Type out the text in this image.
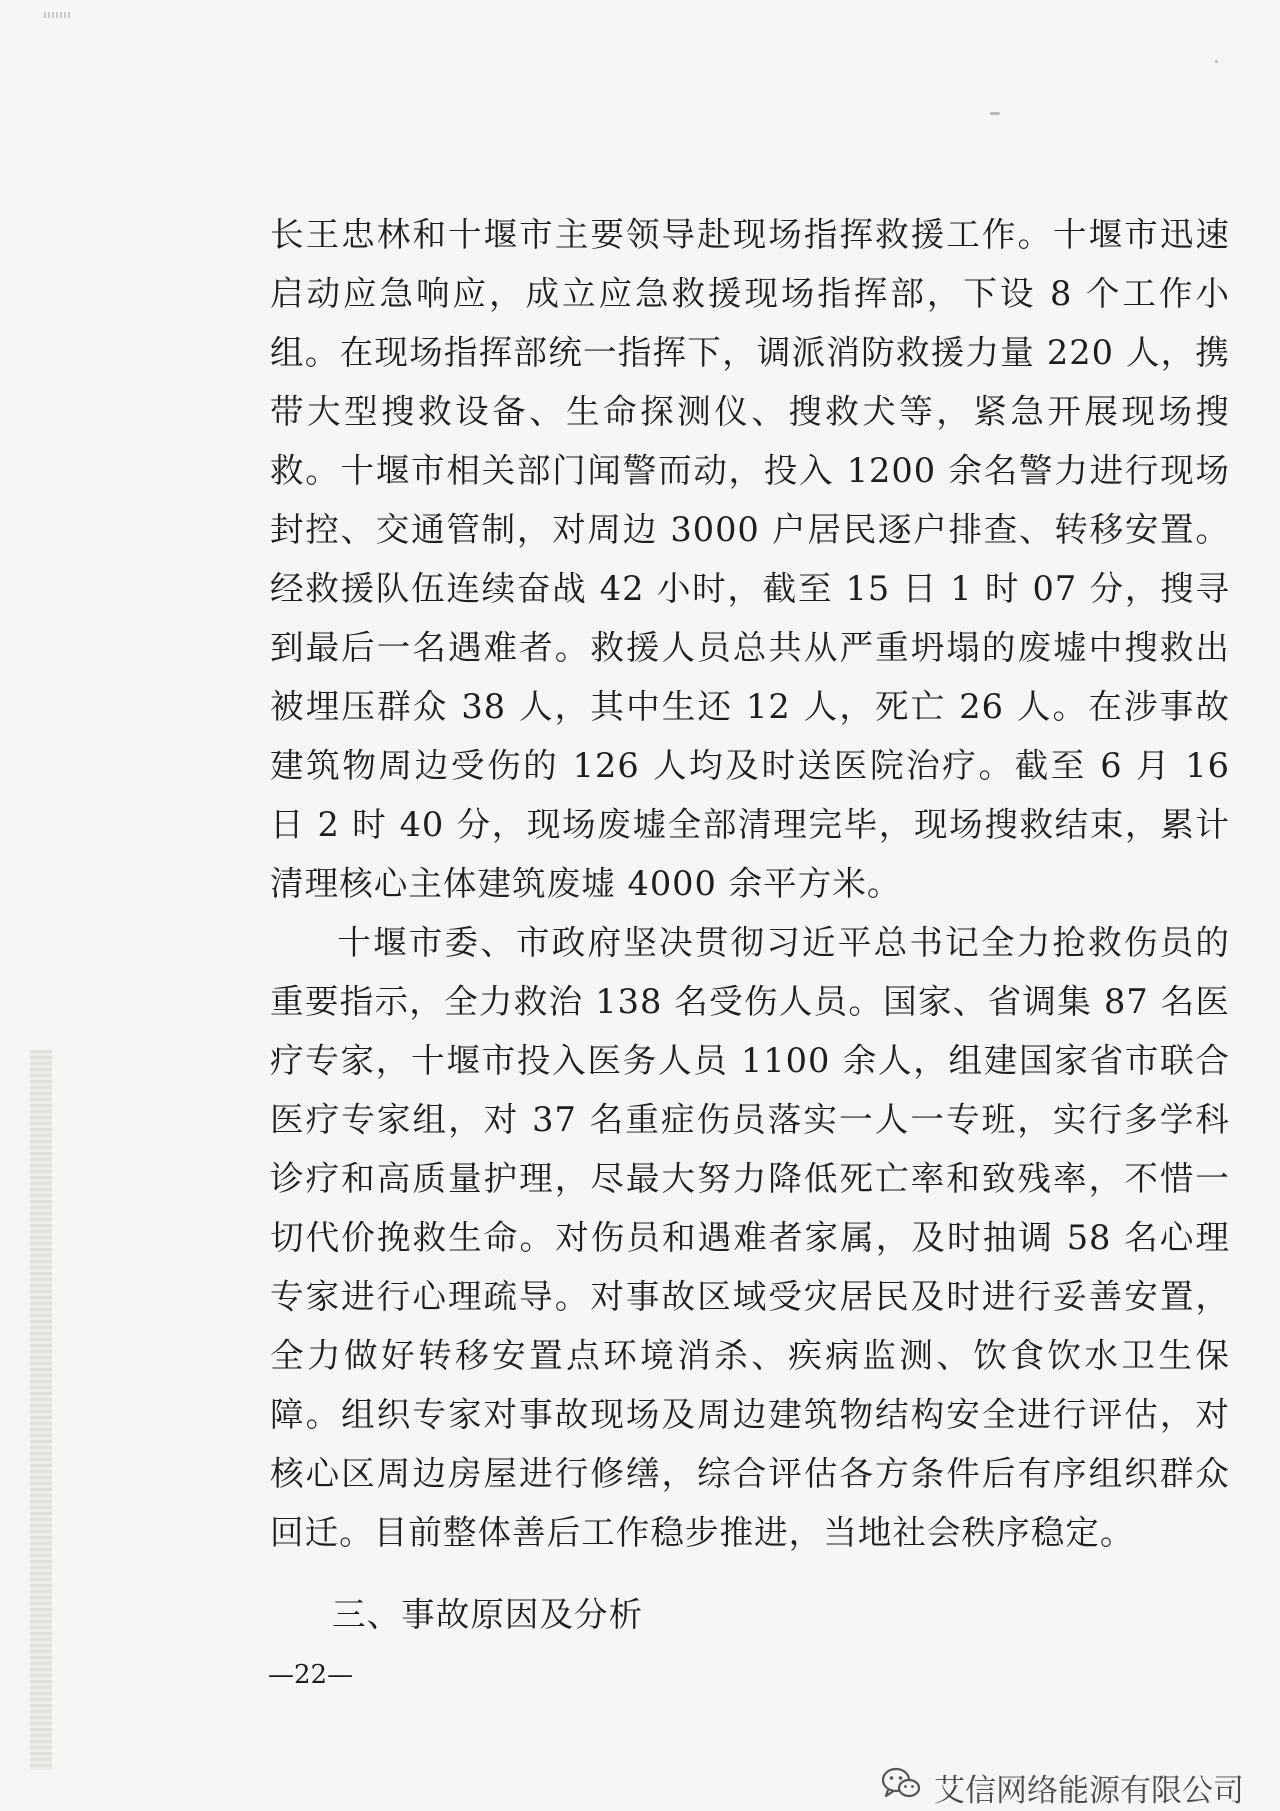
长王忠林和十堰市主要领导赴现场指挥救援工作。十堰市迅速启动应急响应，成立应急救援现场指挥部，下设 8 个工作小组。在现场指挥部统一指挥下，调派消防救援力量 220 人，携带大型搜救设备、生命探测仪、搜救犬等，紧急开展现场搜救。十堰市相关部门闻警而动，投入 1200 余名警力进行现场封控、交通管制，对周边 3000 户居民逐户排查、转移安置。经救援队伍连续奋战 42 小时，截至 15 日 1 时 07 分，搜寻到最后一名遇难者。救援人员总共从严重坍塌的废墟中搜救出被埋压群众 38 人，其中生还 12 人，死亡 26 人。在涉事故建筑物周边受伤的 126 人均及时送医院治疗。截至 6 月 16 日 2 时 40 分，现场废墟全部清理完毕，现场搜救结束，累计清理核心主体建筑废墟 4000 余平方米。

十堰市委、市政府坚决贯彻习近平总书记全力抢救伤员的重要指示，全力救治 138 名受伤人员。国家、省调集 87 名医疗专家，十堰市投入医务人员 1100 余人，组建国家省市联合医疗专家组，对 37 名重症伤员落实一人一专班，实行多学科诊疗和高质量护理，尽最大努力降低死亡率和致残率，不惜一切代价挽救生命。对伤员和遇难者家属，及时抽调 58 名心理专家进行心理疏导。对事故区域受灾居民及时进行妥善安置，全力做好转移安置点环境消杀、疾病监测、饮食饮水卫生保障。组织专家对事故现场及周边建筑物结构安全进行评估，对核心区周边房屋进行修缮，综合评估各方条件后有序组织群众回迁。目前整体善后工作稳步推进，当地社会秩序稳定。

三、事故原因及分析
—22—
艾信网络能源有限公司
